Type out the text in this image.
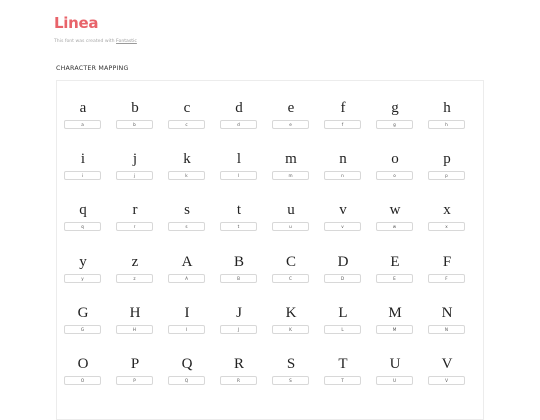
Linea
This font was created with Fontastic
CHARACTER MAPPING
a
a
b
b
c
c
d
d
e
e
f
f
g
g
h
h
i
i
j
j
k
k
l
l
m
m
n
n
o
o
p
p
q
q
r
r
s
s
t
t
u
u
v
v
w
w
x
x
y
y
z
z
A
A
B
B
C
C
D
D
E
E
F
F
G
G
H
H
I
I
J
J
K
K
L
L
M
M
N
N
O
O
P
P
Q
Q
R
R
S
S
T
T
U
U
V
V
